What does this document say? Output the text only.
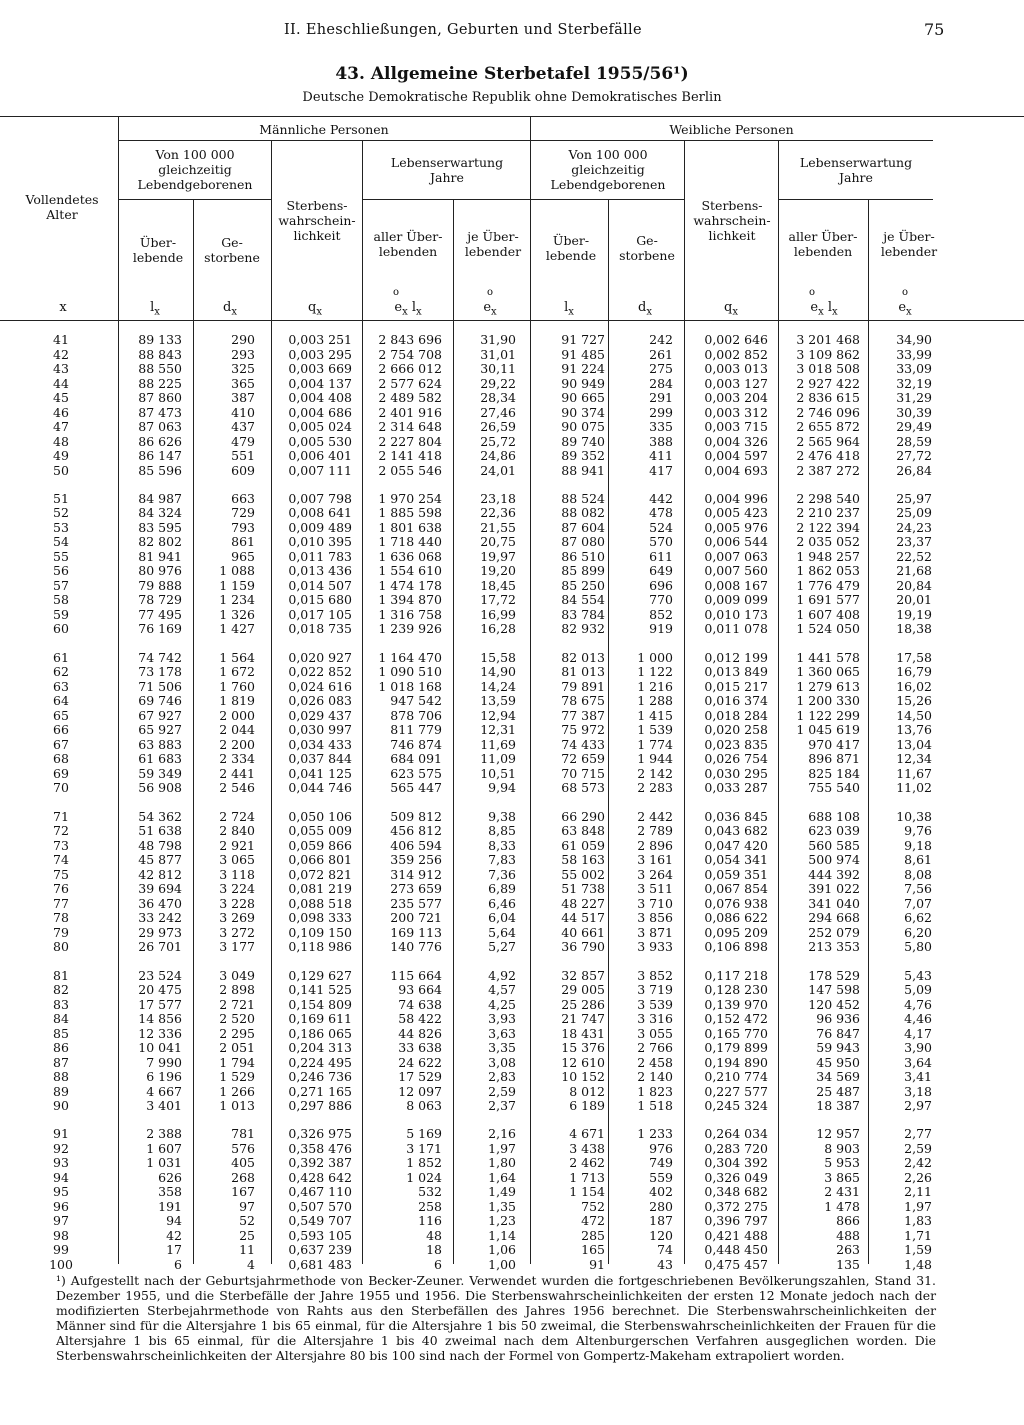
II. Eheschließungen, Geburten und Sterbefälle	75
43. Allgemeine Sterbetafel 1955/56¹)
Deutsche Demokratische Republik ohne Demokratisches Berlin
Vollendetes Alter
Männliche Personen	Weibliche Personen
Von 100 000 gleichzeitig Lebendgeborenen
Lebenserwartung Jahre
Von 100 000 gleichzeitig Lebendgeborenen
Lebenserwartung Jahre
Sterbenswahrscheinlichkeit
Sterbenswahrscheinlichkeit
Überlebende
Gestorbene
aller Überlebenden
je Überlebender
Überlebende
Gestorbene
aller Überlebenden
je Überlebender
x	$l_x$	$d_x$	$q_x$	$e_x$ $l_x$	$e_x$	$l_x$	$d_x$	$q_x$	$e_x$ $l_x$	$e_x$
o	o	o	o
41	89 133	290	0,003 251	2 843 696	31,90	91 727	242	0,002 646	3 201 468	34,90
42	88 843	293	0,003 295	2 754 708	31,01	91 485	261	0,002 852	3 109 862	33,99
43	88 550	325	0,003 669	2 666 012	30,11	91 224	275	0,003 013	3 018 508	33,09
44	88 225	365	0,004 137	2 577 624	29,22	90 949	284	0,003 127	2 927 422	32,19
45	87 860	387	0,004 408	2 489 582	28,34	90 665	291	0,003 204	2 836 615	31,29
46	87 473	410	0,004 686	2 401 916	27,46	90 374	299	0,003 312	2 746 096	30,39
47	87 063	437	0,005 024	2 314 648	26,59	90 075	335	0,003 715	2 655 872	29,49
48	86 626	479	0,005 530	2 227 804	25,72	89 740	388	0,004 326	2 565 964	28,59
49	86 147	551	0,006 401	2 141 418	24,86	89 352	411	0,004 597	2 476 418	27,72
50	85 596	609	0,007 111	2 055 546	24,01	88 941	417	0,004 693	2 387 272	26,84
51	84 987	663	0,007 798	1 970 254	23,18	88 524	442	0,004 996	2 298 540	25,97
52	84 324	729	0,008 641	1 885 598	22,36	88 082	478	0,005 423	2 210 237	25,09
53	83 595	793	0,009 489	1 801 638	21,55	87 604	524	0,005 976	2 122 394	24,23
54	82 802	861	0,010 395	1 718 440	20,75	87 080	570	0,006 544	2 035 052	23,37
55	81 941	965	0,011 783	1 636 068	19,97	86 510	611	0,007 063	1 948 257	22,52
56	80 976	1 088	0,013 436	1 554 610	19,20	85 899	649	0,007 560	1 862 053	21,68
57	79 888	1 159	0,014 507	1 474 178	18,45	85 250	696	0,008 167	1 776 479	20,84
58	78 729	1 234	0,015 680	1 394 870	17,72	84 554	770	0,009 099	1 691 577	20,01
59	77 495	1 326	0,017 105	1 316 758	16,99	83 784	852	0,010 173	1 607 408	19,19
60	76 169	1 427	0,018 735	1 239 926	16,28	82 932	919	0,011 078	1 524 050	18,38
61	74 742	1 564	0,020 927	1 164 470	15,58	82 013	1 000	0,012 199	1 441 578	17,58
62	73 178	1 672	0,022 852	1 090 510	14,90	81 013	1 122	0,013 849	1 360 065	16,79
63	71 506	1 760	0,024 616	1 018 168	14,24	79 891	1 216	0,015 217	1 279 613	16,02
64	69 746	1 819	0,026 083	947 542	13,59	78 675	1 288	0,016 374	1 200 330	15,26
65	67 927	2 000	0,029 437	878 706	12,94	77 387	1 415	0,018 284	1 122 299	14,50
66	65 927	2 044	0,030 997	811 779	12,31	75 972	1 539	0,020 258	1 045 619	13,76
67	63 883	2 200	0,034 433	746 874	11,69	74 433	1 774	0,023 835	970 417	13,04
68	61 683	2 334	0,037 844	684 091	11,09	72 659	1 944	0,026 754	896 871	12,34
69	59 349	2 441	0,041 125	623 575	10,51	70 715	2 142	0,030 295	825 184	11,67
70	56 908	2 546	0,044 746	565 447	9,94	68 573	2 283	0,033 287	755 540	11,02
71	54 362	2 724	0,050 106	509 812	9,38	66 290	2 442	0,036 845	688 108	10,38
72	51 638	2 840	0,055 009	456 812	8,85	63 848	2 789	0,043 682	623 039	9,76
73	48 798	2 921	0,059 866	406 594	8,33	61 059	2 896	0,047 420	560 585	9,18
74	45 877	3 065	0,066 801	359 256	7,83	58 163	3 161	0,054 341	500 974	8,61
75	42 812	3 118	0,072 821	314 912	7,36	55 002	3 264	0,059 351	444 392	8,08
76	39 694	3 224	0,081 219	273 659	6,89	51 738	3 511	0,067 854	391 022	7,56
77	36 470	3 228	0,088 518	235 577	6,46	48 227	3 710	0,076 938	341 040	7,07
78	33 242	3 269	0,098 333	200 721	6,04	44 517	3 856	0,086 622	294 668	6,62
79	29 973	3 272	0,109 150	169 113	5,64	40 661	3 871	0,095 209	252 079	6,20
80	26 701	3 177	0,118 986	140 776	5,27	36 790	3 933	0,106 898	213 353	5,80
81	23 524	3 049	0,129 627	115 664	4,92	32 857	3 852	0,117 218	178 529	5,43
82	20 475	2 898	0,141 525	93 664	4,57	29 005	3 719	0,128 230	147 598	5,09
83	17 577	2 721	0,154 809	74 638	4,25	25 286	3 539	0,139 970	120 452	4,76
84	14 856	2 520	0,169 611	58 422	3,93	21 747	3 316	0,152 472	96 936	4,46
85	12 336	2 295	0,186 065	44 826	3,63	18 431	3 055	0,165 770	76 847	4,17
86	10 041	2 051	0,204 313	33 638	3,35	15 376	2 766	0,179 899	59 943	3,90
87	7 990	1 794	0,224 495	24 622	3,08	12 610	2 458	0,194 890	45 950	3,64
88	6 196	1 529	0,246 736	17 529	2,83	10 152	2 140	0,210 774	34 569	3,41
89	4 667	1 266	0,271 165	12 097	2,59	8 012	1 823	0,227 577	25 487	3,18
90	3 401	1 013	0,297 886	8 063	2,37	6 189	1 518	0,245 324	18 387	2,97
91	2 388	781	0,326 975	5 169	2,16	4 671	1 233	0,264 034	12 957	2,77
92	1 607	576	0,358 476	3 171	1,97	3 438	976	0,283 720	8 903	2,59
93	1 031	405	0,392 387	1 852	1,80	2 462	749	0,304 392	5 953	2,42
94	626	268	0,428 642	1 024	1,64	1 713	559	0,326 049	3 865	2,26
95	358	167	0,467 110	532	1,49	1 154	402	0,348 682	2 431	2,11
96	191	97	0,507 570	258	1,35	752	280	0,372 275	1 478	1,97
97	94	52	0,549 707	116	1,23	472	187	0,396 797	866	1,83
98	42	25	0,593 105	48	1,14	285	120	0,421 488	488	1,71
99	17	11	0,637 239	18	1,06	165	74	0,448 450	263	1,59
100	6	4	0,681 483	6	1,00	91	43	0,475 457	135	1,48

¹) Aufgestellt nach der Geburtsjahrmethode von Becker-Zeuner. Verwendet wurden die fortgeschriebenen Bevölkerungszahlen, Stand 31. Dezember 1955, und die Sterbefälle der Jahre 1955 und 1956. Die Sterbenswahrscheinlichkeiten der ersten 12 Monate jedoch nach der modifizierten Sterbejahrmethode von Rahts aus den Sterbefällen des Jahres 1956 berechnet. Die Sterbenswahrscheinlichkeiten der Männer sind für die Altersjahre 1 bis 65 einmal, für die Altersjahre 1 bis 50 zweimal, die Sterbenswahrscheinlichkeiten der Frauen für die Altersjahre 1 bis 65 einmal, für die Altersjahre 1 bis 40 zweimal nach dem Altenburgerschen Verfahren ausgeglichen worden. Die Sterbenswahrscheinlichkeiten der Altersjahre 80 bis 100 sind nach der Formel von Gompertz-Makeham extrapoliert worden.
